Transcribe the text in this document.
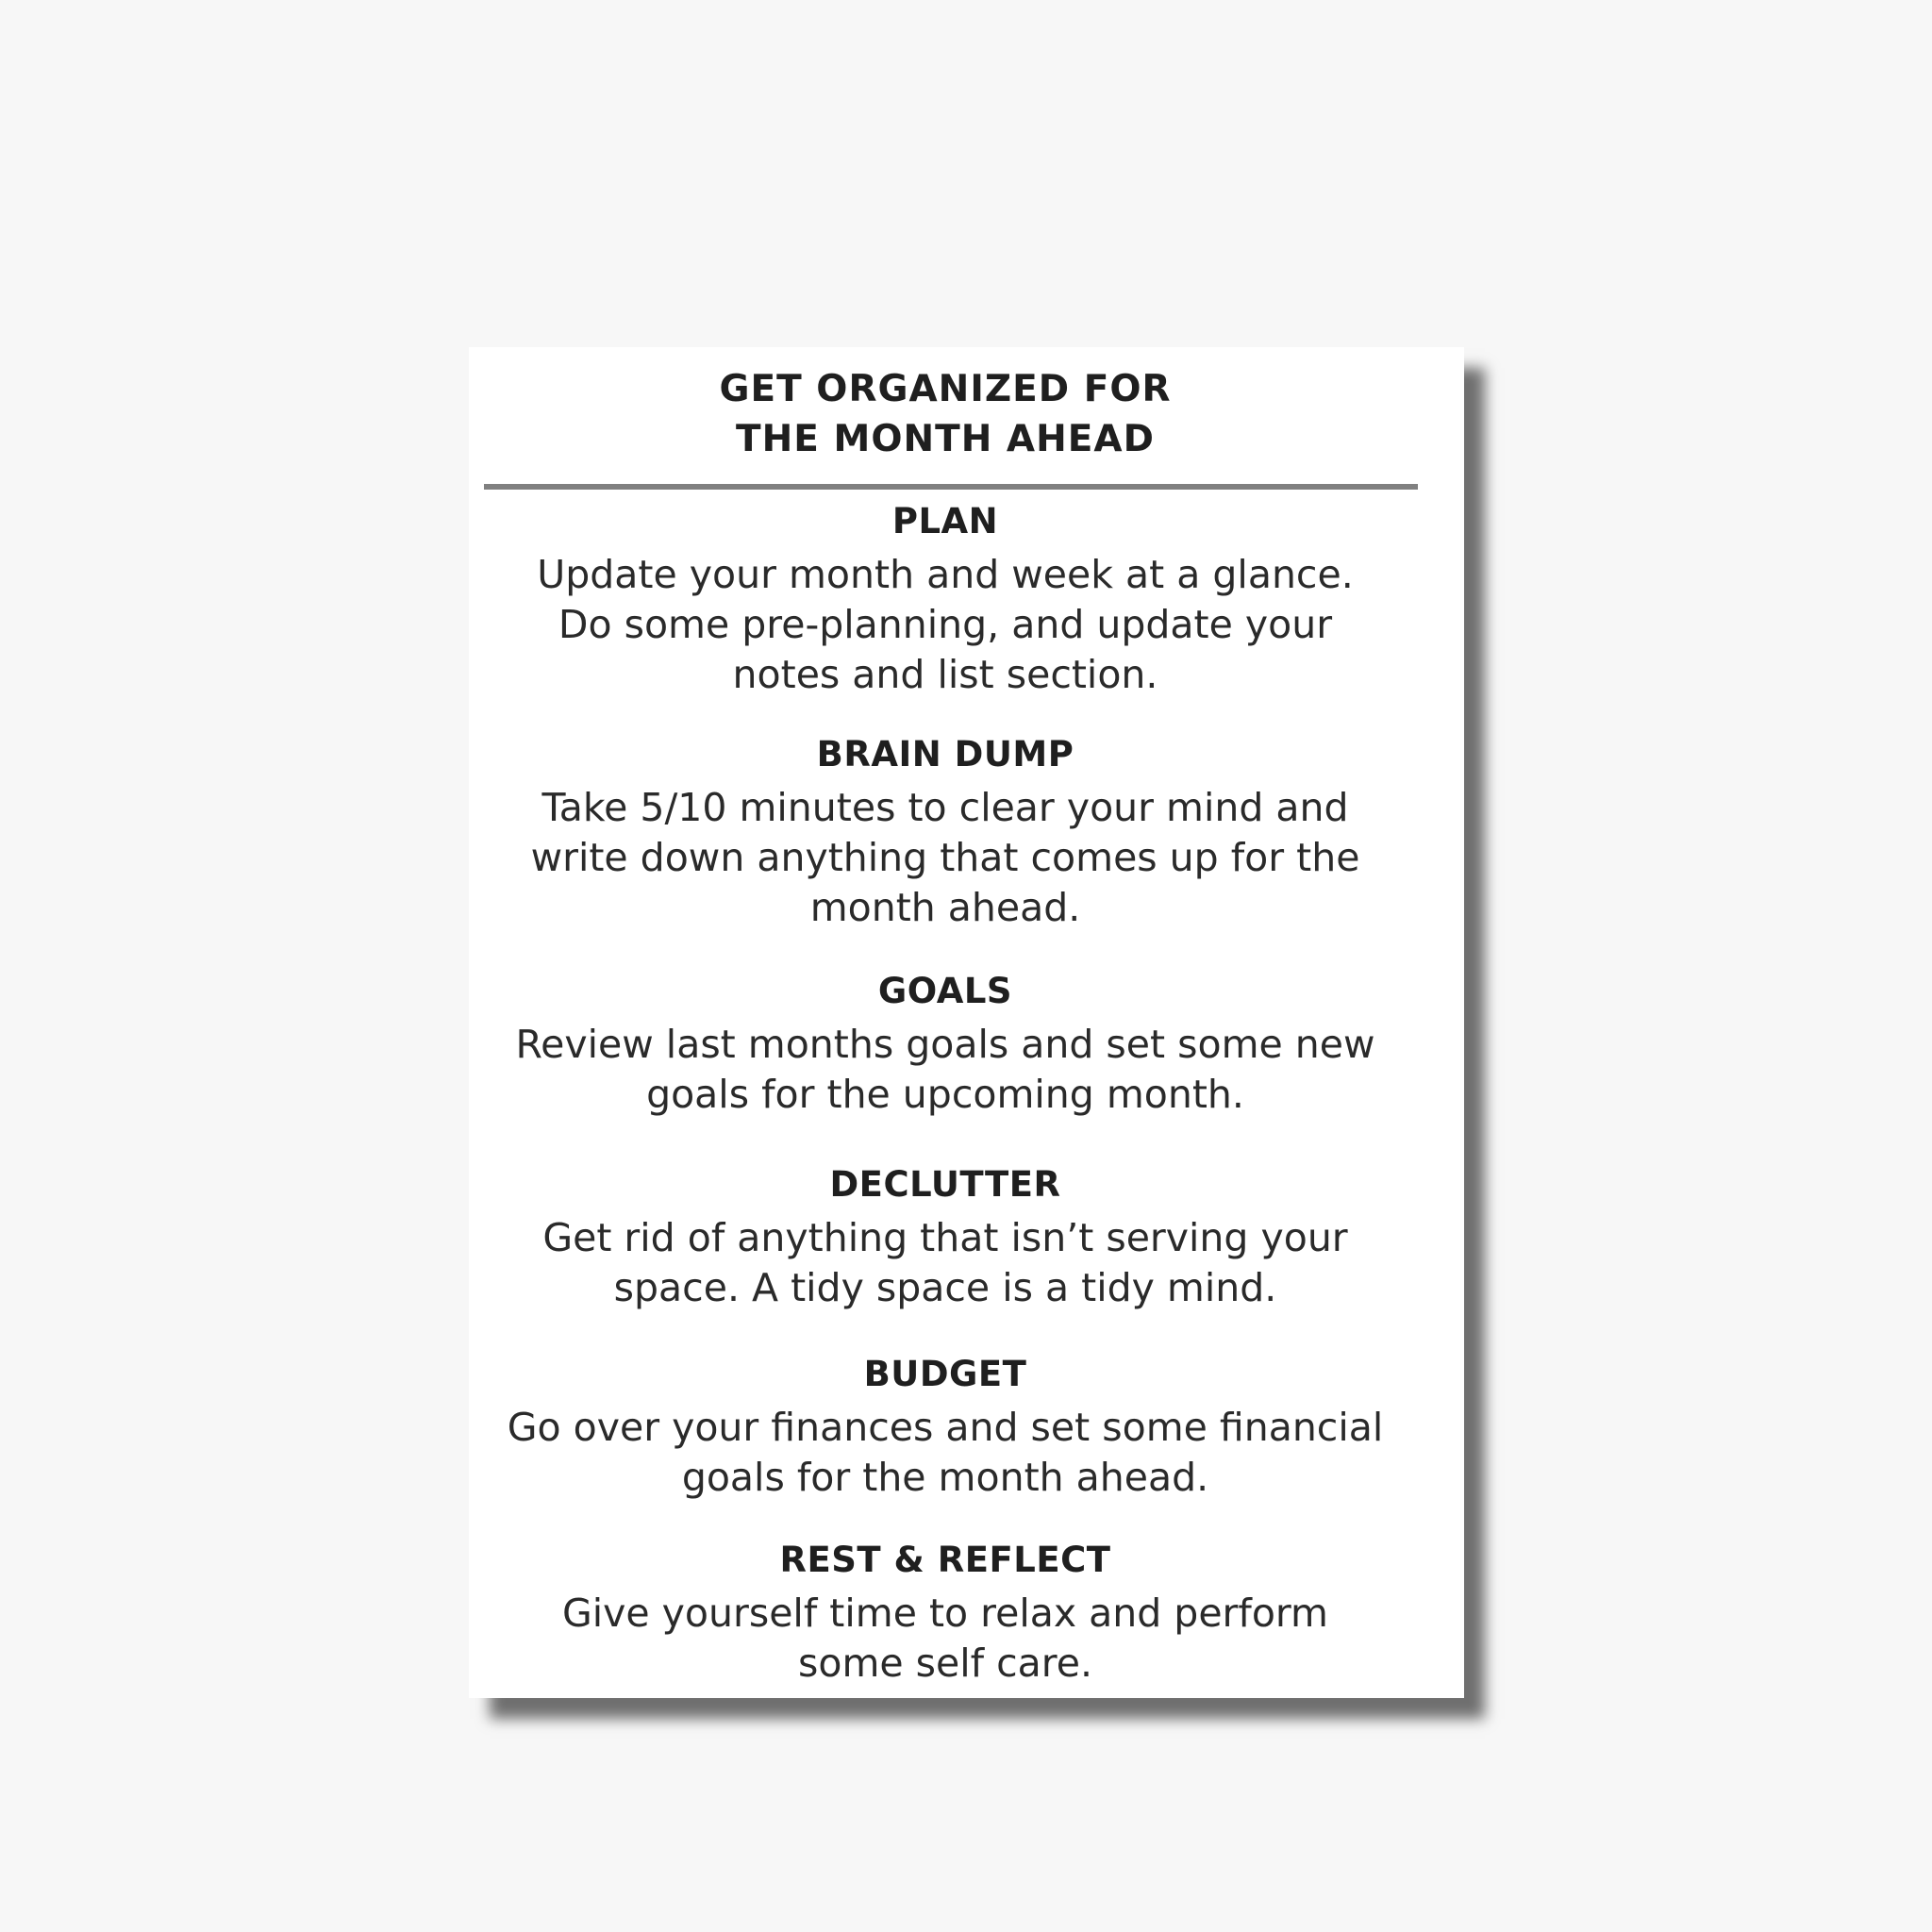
GET ORGANIZED FOR
THE MONTH AHEAD
PLAN

Update your month and week at a glance.
Do some pre-planning, and update your
notes and list section.

BRAIN DUMP

Take 5/10 minutes to clear your mind and
write down anything that comes up for the
month ahead.

GOALS

Review last months goals and set some new
goals for the upcoming month.

DECLUTTER

Get rid of anything that isn’t serving your
space. A tidy space is a tidy mind.

BUDGET

Go over your finances and set some financial
goals for the month ahead.

REST & REFLECT

Give yourself time to relax and perform
some self care.
